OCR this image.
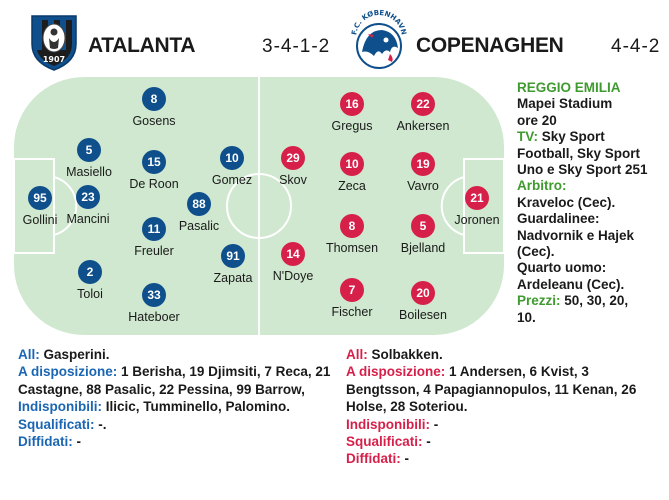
1907
ATALANTA	3-4-1-2
F.C. KØBENHAVN
COPENAGHEN 4-4-2
95
Gollini
5
Masiello
23
Mancini
2
Toloi
8
Gosens
15
De Roon
11
Freuler
33
Hateboer
88
Pasalic
10
Gomez
91
Zapata
29
Skov
14
N'Doye
16
Gregus
10
Zeca
8
Thomsen
7
Fischer
22
Ankersen
19
Vavro
5
Bjelland
20
Boilesen
21
Joronen
REGGIO EMILIA
Mapei Stadium
ore 20
TV: Sky Sport
Football, Sky Sport
Uno e Sky Sport 251
Arbitro:
Kraveloc (Cec).
Guardalinee:
Nadvornik e Hajek
(Cec).
Quarto uomo:
Ardeleanu (Cec).
Prezzi: 50, 30, 20,
10.
All: Gasperini.
A disposizione: 1 Berisha, 19 Djimsiti, 7 Reca, 21
Castagne, 88 Pasalic, 22 Pessina, 99 Barrow,
Indisponibili: Ilicic, Tumminello, Palomino.
Squalificati: -.
Diffidati: -
All: Solbakken.
A disposizione: 1 Andersen, 6 Kvist, 3
Bengtsson, 4 Papagiannopulos, 11 Kenan, 26
Holse, 28 Soteriou.
Indisponibili: -
Squalificati: -
Diffidati: -
